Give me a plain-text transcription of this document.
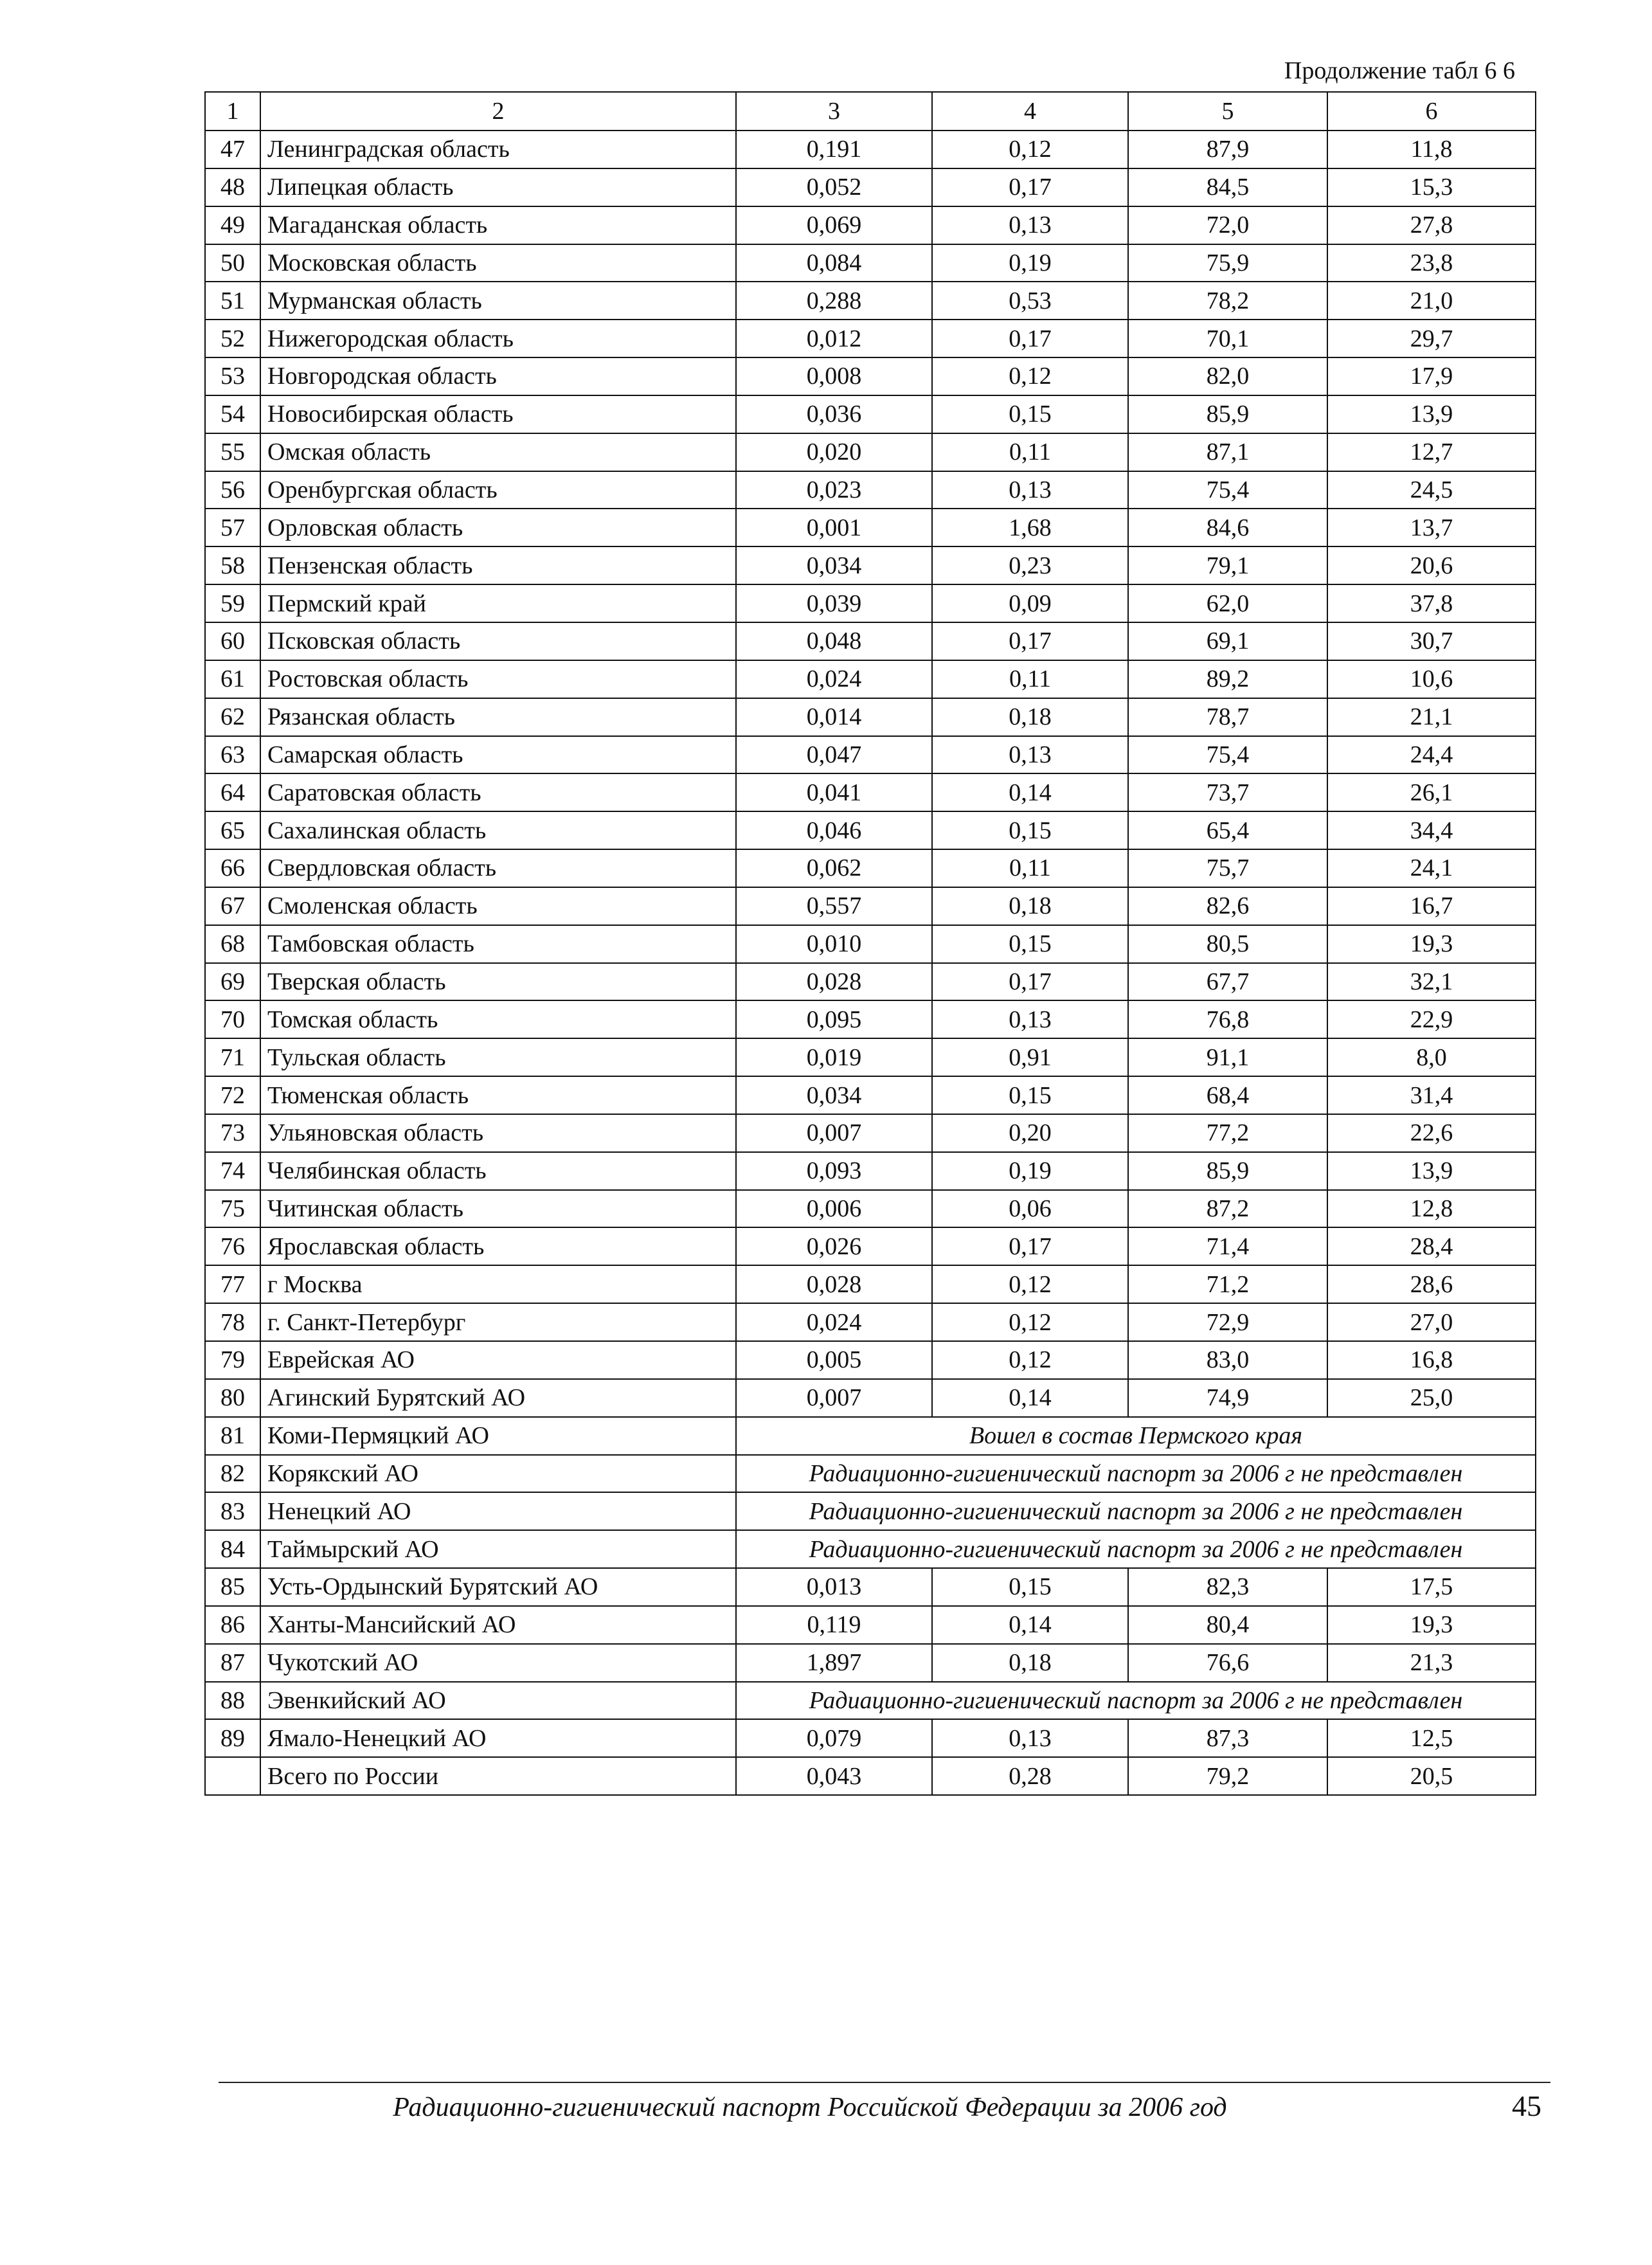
Продолжение табл 6 6
1	2	3	4	5	6
47	Ленинградская область	0,191	0,12	87,9	11,8
48	Липецкая область	0,052	0,17	84,5	15,3
49	Магаданская область	0,069	0,13	72,0	27,8
50	Московская область	0,084	0,19	75,9	23,8
51	Мурманская область	0,288	0,53	78,2	21,0
52	Нижегородская область	0,012	0,17	70,1	29,7
53	Новгородская область	0,008	0,12	82,0	17,9
54	Новосибирская область	0,036	0,15	85,9	13,9
55	Омская область	0,020	0,11	87,1	12,7
56	Оренбургская область	0,023	0,13	75,4	24,5
57	Орловская область	0,001	1,68	84,6	13,7
58	Пензенская область	0,034	0,23	79,1	20,6
59	Пермский край	0,039	0,09	62,0	37,8
60	Псковская область	0,048	0,17	69,1	30,7
61	Ростовская область	0,024	0,11	89,2	10,6
62	Рязанская область	0,014	0,18	78,7	21,1
63	Самарская область	0,047	0,13	75,4	24,4
64	Саратовская область	0,041	0,14	73,7	26,1
65	Сахалинская область	0,046	0,15	65,4	34,4
66	Свердловская область	0,062	0,11	75,7	24,1
67	Смоленская область	0,557	0,18	82,6	16,7
68	Тамбовская область	0,010	0,15	80,5	19,3
69	Тверская область	0,028	0,17	67,7	32,1
70	Томская область	0,095	0,13	76,8	22,9
71	Тульская область	0,019	0,91	91,1	8,0
72	Тюменская область	0,034	0,15	68,4	31,4
73	Ульяновская область	0,007	0,20	77,2	22,6
74	Челябинская область	0,093	0,19	85,9	13,9
75	Читинская область	0,006	0,06	87,2	12,8
76	Ярославская область	0,026	0,17	71,4	28,4
77	г Москва	0,028	0,12	71,2	28,6
78	г. Санкт-Петербург	0,024	0,12	72,9	27,0
79	Еврейская АО	0,005	0,12	83,0	16,8
80	Агинский Бурятский АО	0,007	0,14	74,9	25,0
81	Коми-Пермяцкий АО	Вошел в состав Пермского края			
82	Корякский АО	Радиационно-гигиенический паспорт за 2006 г не представлен			
83	Ненецкий АО	Радиационно-гигиенический паспорт за 2006 г не представлен			
84	Таймырский АО	Радиационно-гигиенический паспорт за 2006 г не представлен			
85	Усть-Ордынский Бурятский АО	0,013	0,15	82,3	17,5
86	Ханты-Мансийский АО	0,119	0,14	80,4	19,3
87	Чукотский АО	1,897	0,18	76,6	21,3
88	Эвенкийский АО	Радиационно-гигиенический паспорт за 2006 г не представлен			
89	Ямало-Ненецкий АО	0,079	0,13	87,3	12,5
	Всего по России	0,043	0,28	79,2	20,5
Радиационно-гигиенический паспорт Российской Федерации за 2006 год	45
